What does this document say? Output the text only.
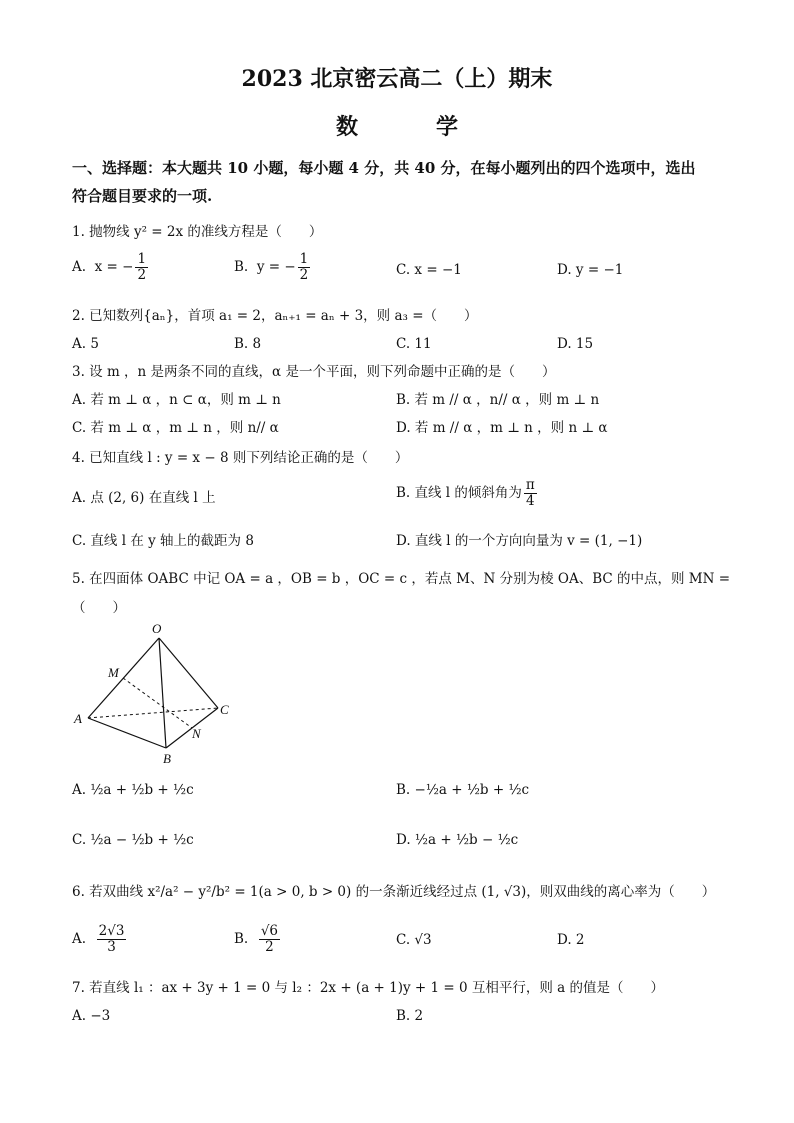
2023 北京密云高二（上）期末
数　学
一、选择题：本大题共 10 小题，每小题 4 分，共 40 分，在每小题列出的四个选项中，选出
符合题目要求的一项.
1. 抛物线 y² = 2x 的准线方程是（　　）
A. x = − $\frac{1}{2}$	B. y = − $\frac{1}{2}$	C. x = −1	D. y = −1
2. 已知数列{aₙ}，首项 a₁ = 2，aₙ₊₁ = aₙ + 3，则 a₃ =（　　）
A. 5	B. 8	C. 11	D. 15
3. 设 m ，n 是两条不同的直线，α 是一个平面，则下列命题中正确的是（　　）
A. 若 m ⊥ α ，n ⊂ α，则 m ⊥ n	B. 若 m // α ，n// α ，则 m ⊥ n
C. 若 m ⊥ α ，m ⊥ n ，则 n// α	D. 若 m // α ，m ⊥ n ，则 n ⊥ α
4. 已知直线 l : y = x − 8 则下列结论正确的是（　　）
A. 点 (2, 6) 在直线 l 上	B. 直线 l 的倾斜角为 $\frac{\pi}{4}$
C. 直线 l 在 y 轴上的截距为 8	D. 直线 l 的一个方向向量为 v = (1, −1)
5. 在四面体 OABC 中记 OA = a ，OB = b ，OC = c ，若点 M、N 分别为棱 OA、BC 的中点，则 MN =
（　　）
O
M
A
B
C
N
A. ½a + ½b + ½c	B. −½a + ½b + ½c
C. ½a − ½b + ½c	D. ½a + ½b − ½c
6. 若双曲线 x²/a² − y²/b² = 1(a > 0, b > 0) 的一条渐近线经过点 (1, √3)，则双曲线的离心率为（　　）
A. $\frac{2√3}{3}$	B. $\frac{√6}{2}$	C. √3	D. 2
7. 若直线 l₁ ：ax + 3y + 1 = 0 与 l₂ ：2x + (a + 1)y + 1 = 0 互相平行，则 a 的值是（　　）
A. −3	B. 2
